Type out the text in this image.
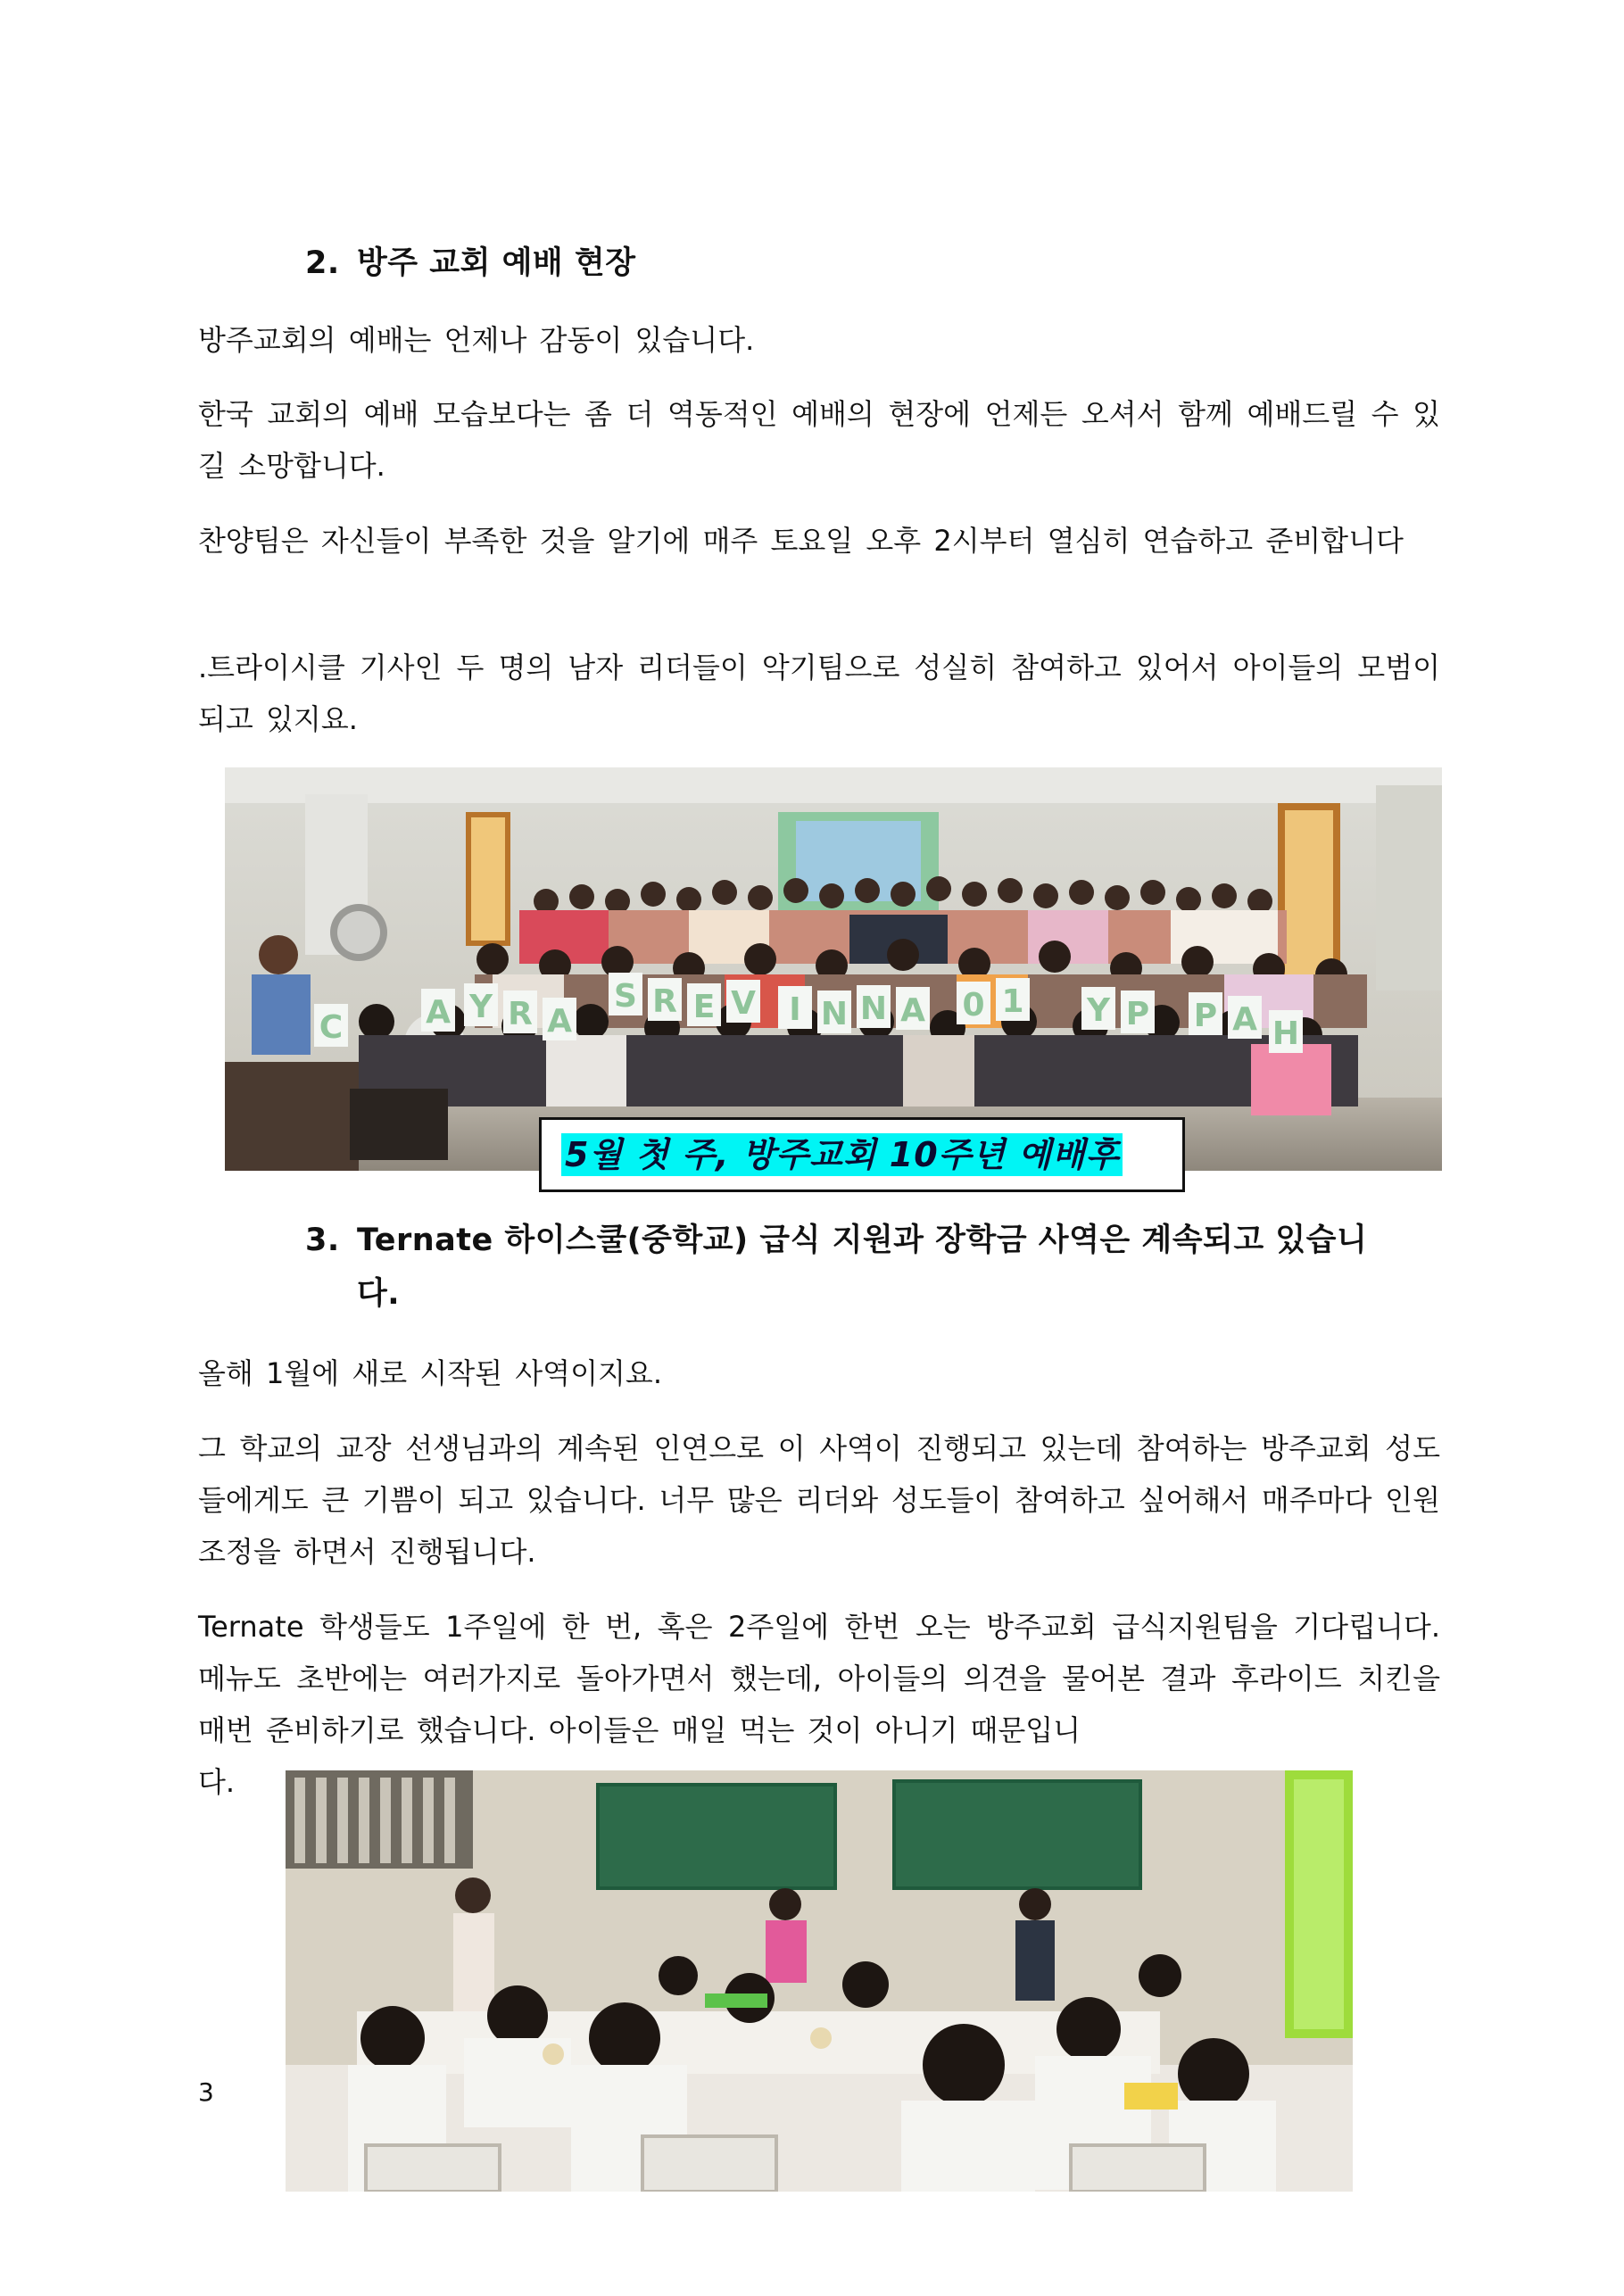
2. 방주 교회 예배 현장
방주교회의 예배는 언제나 감동이 있습니다.
한국 교회의 예배 모습보다는 좀 더 역동적인 예배의 현장에 언제든 오셔서 함께 예배드릴 수 있길 소망합니다.
찬양팀은 자신들이 부족한 것을 알기에 매주 토요일 오후 2시부터 열심히 연습하고 준비합니다
.트라이시클 기사인 두 명의 남자 리더들이 악기팀으로 성실히 참여하고 있어서 아이들의 모범이 되고 있지요.
C	A Y R A
S R E V I N N A 0 1 Y P P A H
5월 첫 주, 방주교회 10주년 예배후
3. Ternate 하이스쿨(중학교) 급식 지원과 장학금 사역은 계속되고 있습니
다.
올해 1월에 새로 시작된 사역이지요.
그 학교의 교장 선생님과의 계속된 인연으로 이 사역이 진행되고 있는데 참여하는 방주교회 성도들에게도 큰 기쁨이 되고 있습니다. 너무 많은 리더와 성도들이 참여하고 싶어해서 매주마다 인원조정을 하면서 진행됩니다.
Ternate 학생들도 1주일에 한 번, 혹은 2주일에 한번 오는 방주교회 급식지원팀을 기다립니다. 메뉴도 초반에는 여러가지로 돌아가면서 했는데, 아이들의 의견을 물어본 결과 후라이드 치킨을 매번 준비하기로 했습니다. 아이들은 매일 먹는 것이 아니기 때문입니
다.
3
